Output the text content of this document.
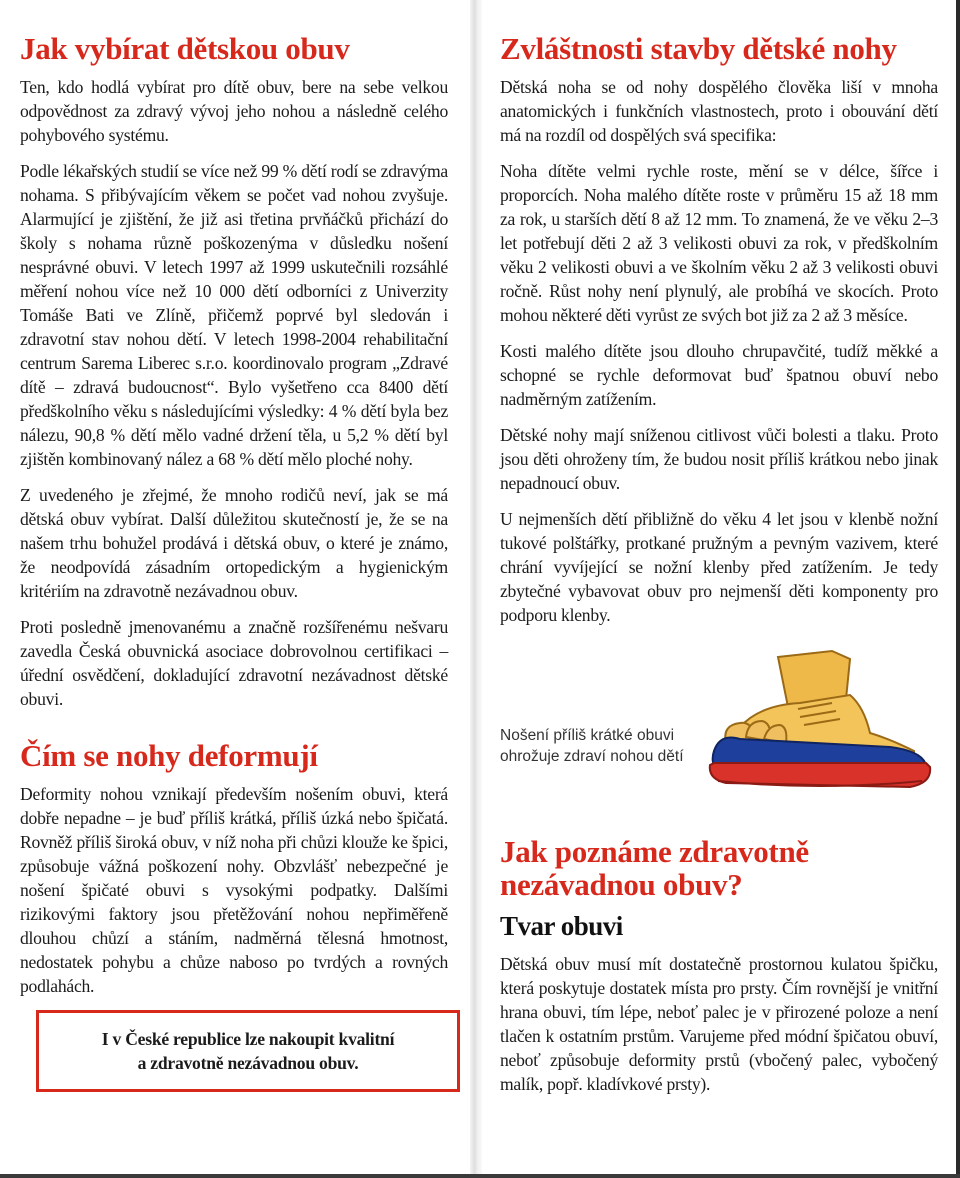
Jak vybírat dětskou obuv

Ten, kdo hodlá vybírat pro dítě obuv, bere na sebe velkou odpovědnost za zdravý vývoj jeho nohou a následně celého pohybového systému.

Podle lékařských studií se více než 99 % dětí rodí se zdravýma nohama. S přibývajícím věkem se počet vad nohou zvyšuje. Alarmující je zjištění, že již asi třetina prvňáčků přichází do školy s nohama různě poškozenýma v důsledku nošení nesprávné obuvi. V letech 1997 až 1999 uskutečnili rozsáhlé měření nohou více než 10 000 dětí odborníci z Univerzity Tomáše Bati ve Zlíně, přičemž poprvé byl sledován i zdravotní stav nohou dětí. V letech 1998-2004 rehabilitační centrum Sarema Liberec s.r.o. koordinovalo program „Zdravé dítě – zdravá budoucnost“. Bylo vyšetřeno cca 8400 dětí předškolního věku s následujícími výsledky: 4 % dětí byla bez nálezu, 90,8 % dětí mělo vadné držení těla, u 5,2 % dětí byl zjištěn kombinovaný nález a 68 % dětí mělo ploché nohy.

Z uvedeného je zřejmé, že mnoho rodičů neví, jak se má dětská obuv vybírat. Další důležitou skutečností je, že se na našem trhu bohužel prodává i dětská obuv, o které je známo, že neodpovídá zásadním ortopedickým a hygienickým kritériím na zdravotně nezávadnou obuv.

Proti posledně jmenovanému a značně rozšířenému nešvaru zavedla Česká obuvnická asociace dobrovolnou certifikaci – úřední osvědčení, dokladující zdravotní nezávadnost dětské obuvi.

Čím se nohy deformují

Deformity nohou vznikají především nošením obuvi, která dobře nepadne – je buď příliš krátká, příliš úzká nebo špičatá. Rovněž příliš široká obuv, v níž noha při chůzi klouže ke špici, způsobuje vážná poškození nohy. Obzvlášť nebezpečné je nošení špičaté obuvi s vysokými podpatky. Dalšími rizikovými faktory jsou přetěžování nohou nepřiměřeně dlouhou chůzí a stáním, nadměrná tělesná hmotnost, nedostatek pohybu a chůze naboso po tvrdých a rovných podlahách.

I v České republice lze nakoupit kvalitní

a zdravotně nezávadnou obuv.

Zvláštnosti stavby dětské nohy

Dětská noha se od nohy dospělého člověka liší v mnoha anatomických i funkčních vlastnostech, proto i obouvání dětí má na rozdíl od dospělých svá specifika:

Noha dítěte velmi rychle roste, mění se v délce, šířce i proporcích. Noha malého dítěte roste v průměru 15 až 18 mm za rok, u starších dětí 8 až 12 mm. To znamená, že ve věku 2–3 let potřebují děti 2 až 3 velikosti obuvi za rok, v předškolním věku 2 velikosti obuvi a ve školním věku 2 až 3 velikosti obuvi ročně. Růst nohy není plynulý, ale probíhá ve skocích. Proto mohou některé děti vyrůst ze svých bot již za 2 až 3 měsíce.

Kosti malého dítěte jsou dlouho chrupavčité, tudíž měkké a schopné se rychle deformovat buď špatnou obuví nebo nadměrným zatížením.

Dětské nohy mají sníženou citlivost vůči bolesti a tlaku. Proto jsou děti ohroženy tím, že budou nosit příliš krátkou nebo jinak nepadnoucí obuv.

U nejmenších dětí přibližně do věku 4 let jsou v klenbě nožní tukové polštářky, protkané pružným a pevným vazivem, které chrání vyvíjející se nožní klenby před zatížením. Je tedy zbytečné vybavovat obuv pro nejmenší děti komponenty pro podporu klenby.

Nošení příliš krátké obuvi ohrožuje zdraví nohou dětí
Jak poznáme zdravotně nezávadnou obuv?
Tvar obuvi

Dětská obuv musí mít dostatečně prostornou kulatou špičku, která poskytuje dostatek místa pro prsty. Čím rovnější je vnitřní hrana obuvi, tím lépe, neboť palec je v přirozené poloze a není tlačen k ostatním prstům. Varujeme před módní špičatou obuví, neboť způsobuje deformity prstů (vbočený palec, vybočený malík, popř. kladívkové prsty).
